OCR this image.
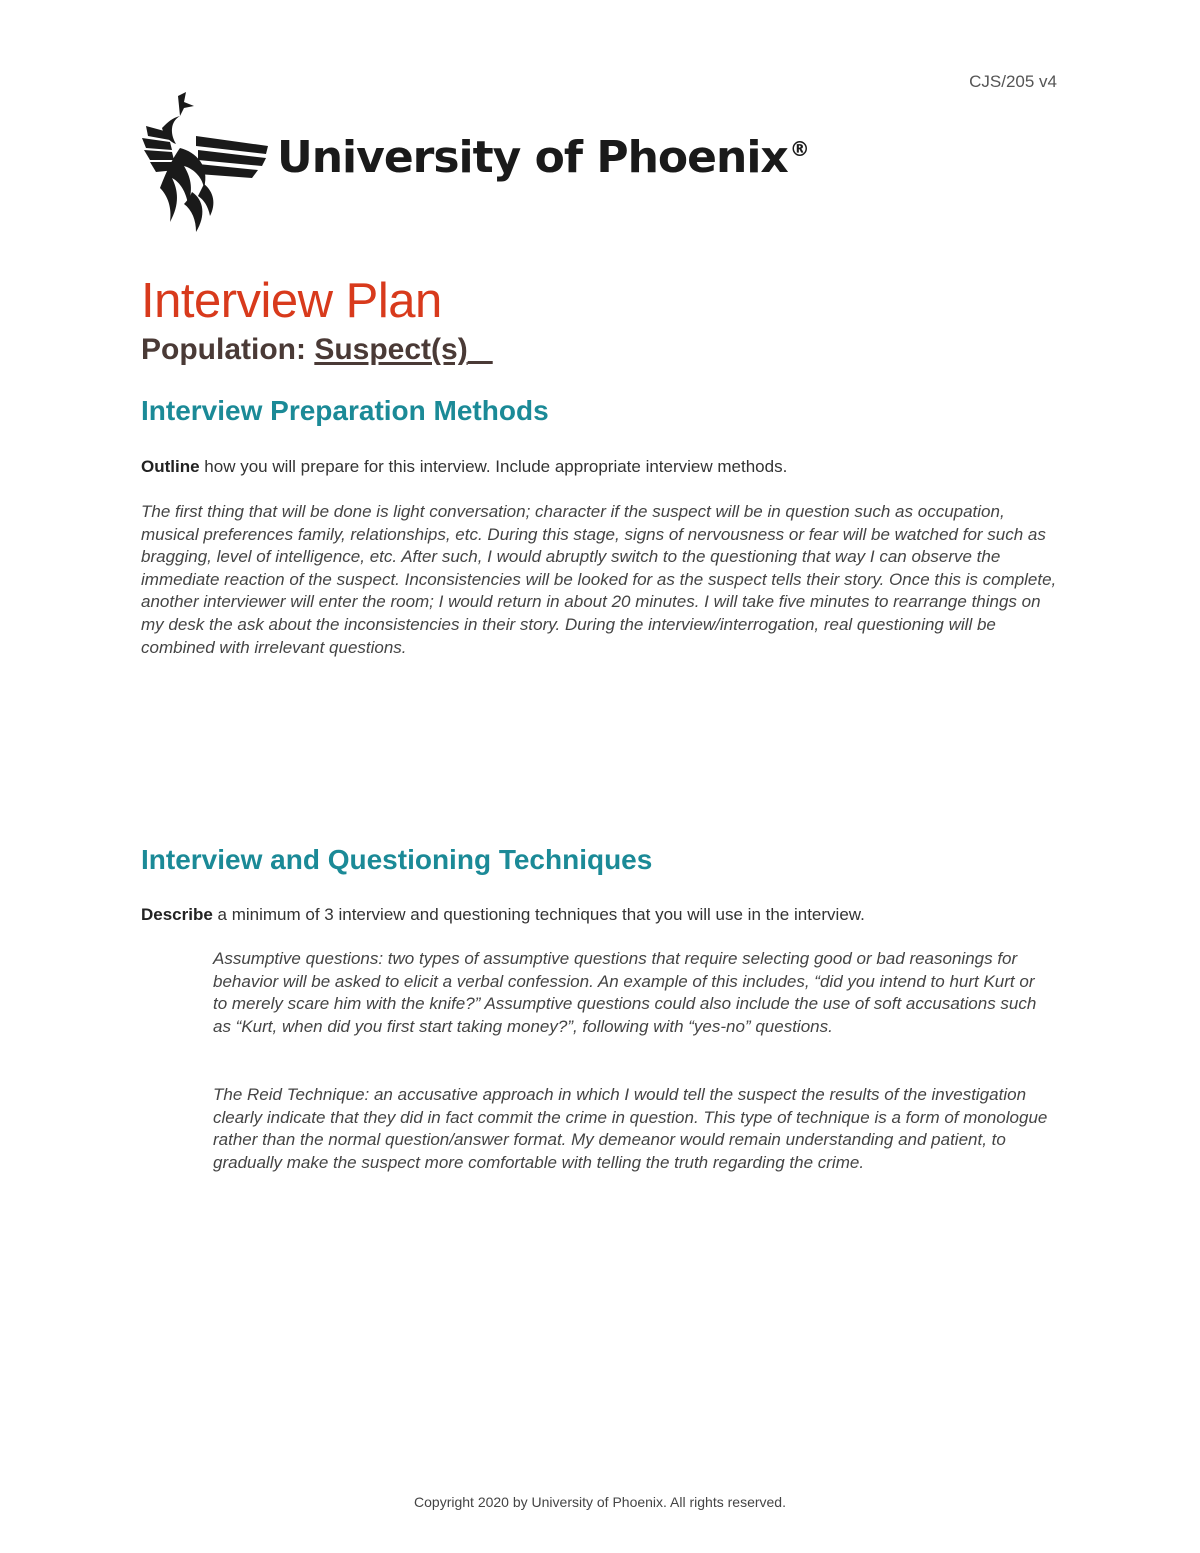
CJS/205 v4
University of Phoenix ®
Interview Plan
Population: Suspect(s)
Interview Preparation Methods
Outline how you will prepare for this interview. Include appropriate interview methods.

The first thing that will be done is light conversation; character if the suspect will be in question such as occupation, musical preferences family, relationships, etc. During this stage, signs of nervousness or fear will be watched for such as bragging, level of intelligence, etc. After such, I would abruptly switch to the questioning that way I can observe the immediate reaction of the suspect. Inconsistencies will be looked for as the suspect tells their story. Once this is complete, another interviewer will enter the room; I would return in about 20 minutes. I will take five minutes to rearrange things on my desk the ask about the inconsistencies in their story. During the interview/interrogation, real questioning will be combined with irrelevant questions.

Interview and Questioning Techniques
Describe a minimum of 3 interview and questioning techniques that you will use in the interview.

Assumptive questions: two types of assumptive questions that require selecting good or bad reasonings for behavior will be asked to elicit a verbal confession. An example of this includes, “did you intend to hurt Kurt or to merely scare him with the knife?” Assumptive questions could also include the use of soft accusations such as “Kurt, when did you first start taking money?”, following with “yes-no” questions.

The Reid Technique: an accusative approach in which I would tell the suspect the results of the investigation clearly indicate that they did in fact commit the crime in question. This type of technique is a form of monologue rather than the normal question/answer format. My demeanor would remain understanding and patient, to gradually make the suspect more comfortable with telling the truth regarding the crime.

Copyright 2020 by University of Phoenix. All rights reserved.
